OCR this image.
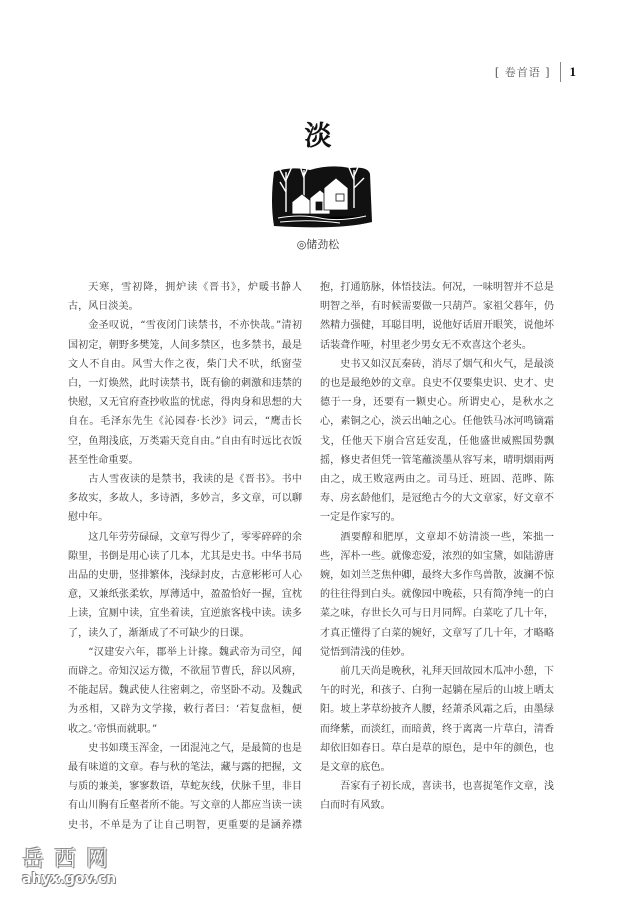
[ 卷首语 ] 1
淡
◎储劲松

天寒，雪初降，拥炉读《晋书》，炉暖书静人古，风日淡美。

金圣叹说，“雪夜闭门读禁书，不亦快哉。”清初国初定，朝野多樊笼，人间多禁区，也多禁书，最是文人不自由。风雪大作之夜，柴门犬不吠，纸窗莹白，一灯焕然，此时读禁书，既有偷的刺激和违禁的快慰，又无官府查抄收监的忧虑，得肉身和思想的大自在。毛泽东先生《沁园春·长沙》词云，“鹰击长空，鱼翔浅底，万类霜天竞自由。”自由有时远比衣饭甚至性命重要。

古人雪夜读的是禁书，我读的是《晋书》。书中多故实，多故人，多诗酒，多妙言，多文章，可以聊慰中年。

这几年劳劳碌碌，文章写得少了，零零碎碎的余隙里，书倒是用心读了几本，尤其是史书。中华书局出品的史册，竖排繁体，浅绿封皮，古意彬彬可人心意，又兼纸张柔软，厚薄适中，盈盈恰好一握，宜枕上读，宜厕中读，宜坐着读，宜逆旅客栈中读。读多了，读久了，渐渐成了不可缺少的日课。

“汉建安六年，郡举上计掾。魏武帝为司空，闻而辟之。帝知汉运方微，不欲屈节曹氏，辞以风痹，不能起居。魏武使人往密刺之，帝坚卧不动。及魏武为丞相，又辟为文学掾，敕行者曰：‘若复盘桓，便收之。’帝惧而就职。”

史书如璞玉浑金，一团混沌之气，是最简的也是最有味道的文章。春与秋的笔法，藏与露的把握，文与质的兼美，寥寥数语，草蛇灰线，伏脉千里，非目有山川胸有丘壑者所不能。写文章的人都应当读一读史书，不单是为了让自己明智，更重要的是涵养襟抱，打通筋脉，体悟技法。何况，一味明智并不总是明智之举，有时候需要做一只葫芦。家祖父暮年，仍然精力强健，耳聪目明，说他好话眉开眼笑，说他坏话装聋作哑，村里老少男女无不欢喜这个老头。

史书又如汉瓦秦砖，消尽了烟气和火气，是最淡的也是最绝妙的文章。良史不仅要集史识、史才、史德于一身，还要有一颗史心。所谓史心，是秋水之心，素铜之心，淡云出岫之心。任他铁马冰河鸣镝霜戈，任他天下崩合宫廷安乱，任他盛世威熙国势飘摇，修史者但凭一管笔蘸淡墨从容写来，晴明烟雨两由之，成王败寇两由之。司马迁、班固、范晔、陈寿、房玄龄他们，是冠绝古今的大文章家，好文章不一定是作家写的。

酒要醇和肥厚，文章却不妨清淡一些，笨拙一些，浑朴一些。就像恋爱，浓烈的如宝黛，如陆游唐婉，如刘兰芝焦仲卿，最终大多作鸟兽散，波澜不惊的往往得到白头。就像园中晚菘，只有简净纯一的白菜之味，存世长久可与日月同辉。白菜吃了几十年，才真正懂得了白菜的婉好，文章写了几十年，才略略觉悟到清浅的佳妙。

前几天尚是晚秋，礼拜天回故园木瓜冲小憩，下午的时光，和孩子、白狗一起躺在屋后的山坡上晒太阳。坡上茅草纷披齐人腰，经萧杀风霜之后，由墨绿而绛紫，而淡红，而暗黄，终于离离一片草白，清香却依旧如春日。草白是草的原色，是中年的颜色，也是文章的底色。

吾家有子初长成，喜读书，也喜捉笔作文章，浅白而时有风致。

岳西网
ahyx.gov.cn
